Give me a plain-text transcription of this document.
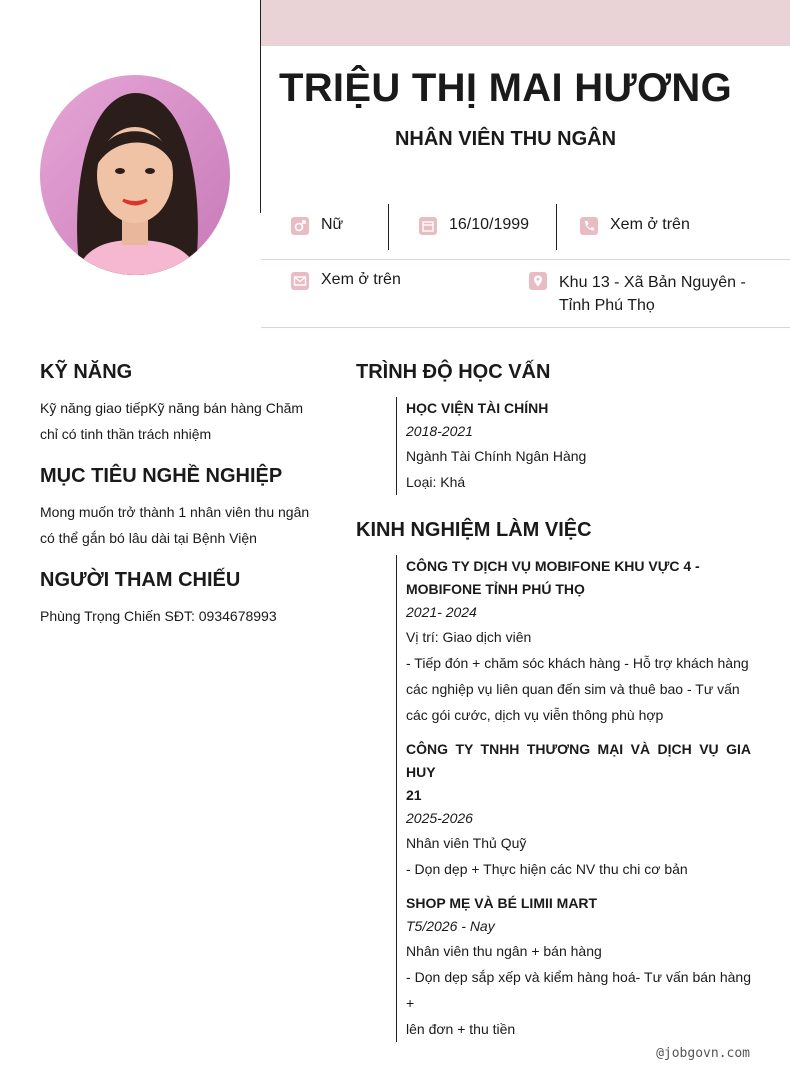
TRIỆU THỊ MAI HƯƠNG
NHÂN VIÊN THU NGÂN
Nữ	16/10/1999	Xem ở trên
Xem ở trên	Khu 13 - Xã Bản Nguyên -
Tỉnh Phú Thọ
KỸ NĂNG
Kỹ năng giao tiếpKỹ năng bán hàng Chăm
chỉ có tinh thần trách nhiệm
MỤC TIÊU NGHỀ NGHIỆP
Mong muốn trở thành 1 nhân viên thu ngân
có thể gắn bó lâu dài tại Bệnh Viện
NGƯỜI THAM CHIẾU
Phùng Trọng Chiến SĐT: 0934678993
TRÌNH ĐỘ HỌC VẤN
HỌC VIỆN TÀI CHÍNH
2018-2021
Ngành Tài Chính Ngân Hàng
Loại: Khá
KINH NGHIỆM LÀM VIỆC
CÔNG TY DỊCH VỤ MOBIFONE KHU VỰC 4 -
MOBIFONE TỈNH PHÚ THỌ
2021- 2024
Vị trí: Giao dịch viên
- Tiếp đón + chăm sóc khách hàng - Hỗ trợ khách hàng
các nghiệp vụ liên quan đến sim và thuê bao - Tư vấn
các gói cước, dịch vụ viễn thông phù hợp
CÔNG TY TNHH THƯƠNG MẠI VÀ DỊCH VỤ GIA HUY
21
2025-2026
Nhân viên Thủ Quỹ
- Dọn dẹp + Thực hiện các NV thu chi cơ bản
SHOP MẸ VÀ BÉ LIMII MART
T5/2026 - Nay
Nhân viên thu ngân + bán hàng
- Dọn dẹp sắp xếp và kiểm hàng hoá- Tư vấn bán hàng +
lên đơn + thu tiền
@jobgovn.com
